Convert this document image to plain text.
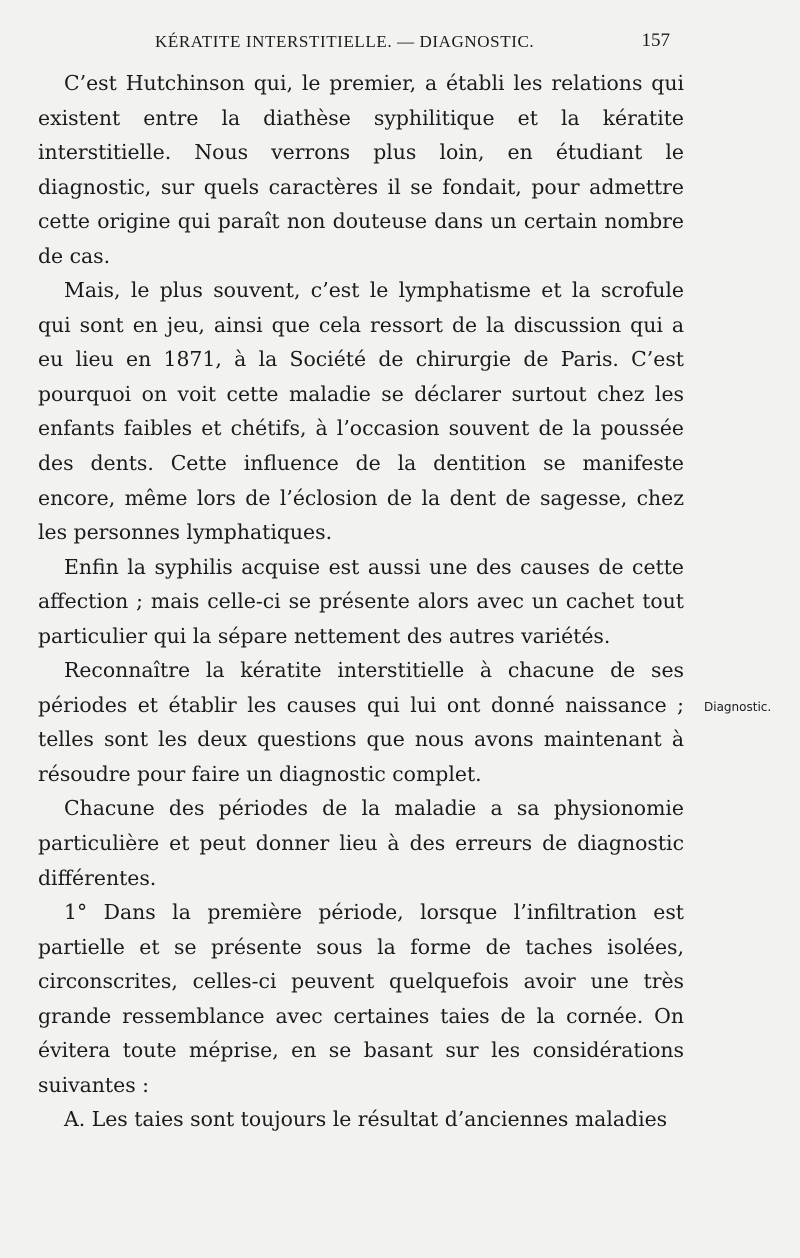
KÉRATITE INTERSTITIELLE. — DIAGNOSTIC.	157

C’est Hutchinson qui, le premier, a établi les relations qui existent entre la diathèse syphilitique et la kératite interstitielle. Nous verrons plus loin, en étudiant le diagnostic, sur quels caractères il se fondait, pour admettre cette origine qui paraît non douteuse dans un certain nombre de cas.

Mais, le plus souvent, c’est le lymphatisme et la scrofule qui sont en jeu, ainsi que cela ressort de la discussion qui a eu lieu en 1871, à la Société de chirurgie de Paris. C’est pourquoi on voit cette maladie se déclarer surtout chez les enfants faibles et chétifs, à l’occasion souvent de la poussée des dents. Cette influence de la dentition se manifeste encore, même lors de l’éclosion de la dent de sagesse, chez les personnes lymphatiques.

Enfin la syphilis acquise est aussi une des causes de cette affection ; mais celle-ci se présente alors avec un cachet tout particulier qui la sépare nettement des autres variétés.

Reconnaître la kératite interstitielle à chacune de ses périodes et établir les causes qui lui ont donné naissance ; telles sont les deux questions que nous avons maintenant à résoudre pour faire un diagnostic complet.

Chacune des périodes de la maladie a sa physionomie particulière et peut donner lieu à des erreurs de diagnostic différentes.

1° Dans la première période, lorsque l’infiltration est partielle et se présente sous la forme de taches isolées, circonscrites, celles-ci peuvent quelquefois avoir une très grande ressemblance avec certaines taies de la cornée. On évitera toute méprise, en se basant sur les considérations suivantes :

A. Les taies sont toujours le résultat d’anciennes maladies

Diagnostic.
